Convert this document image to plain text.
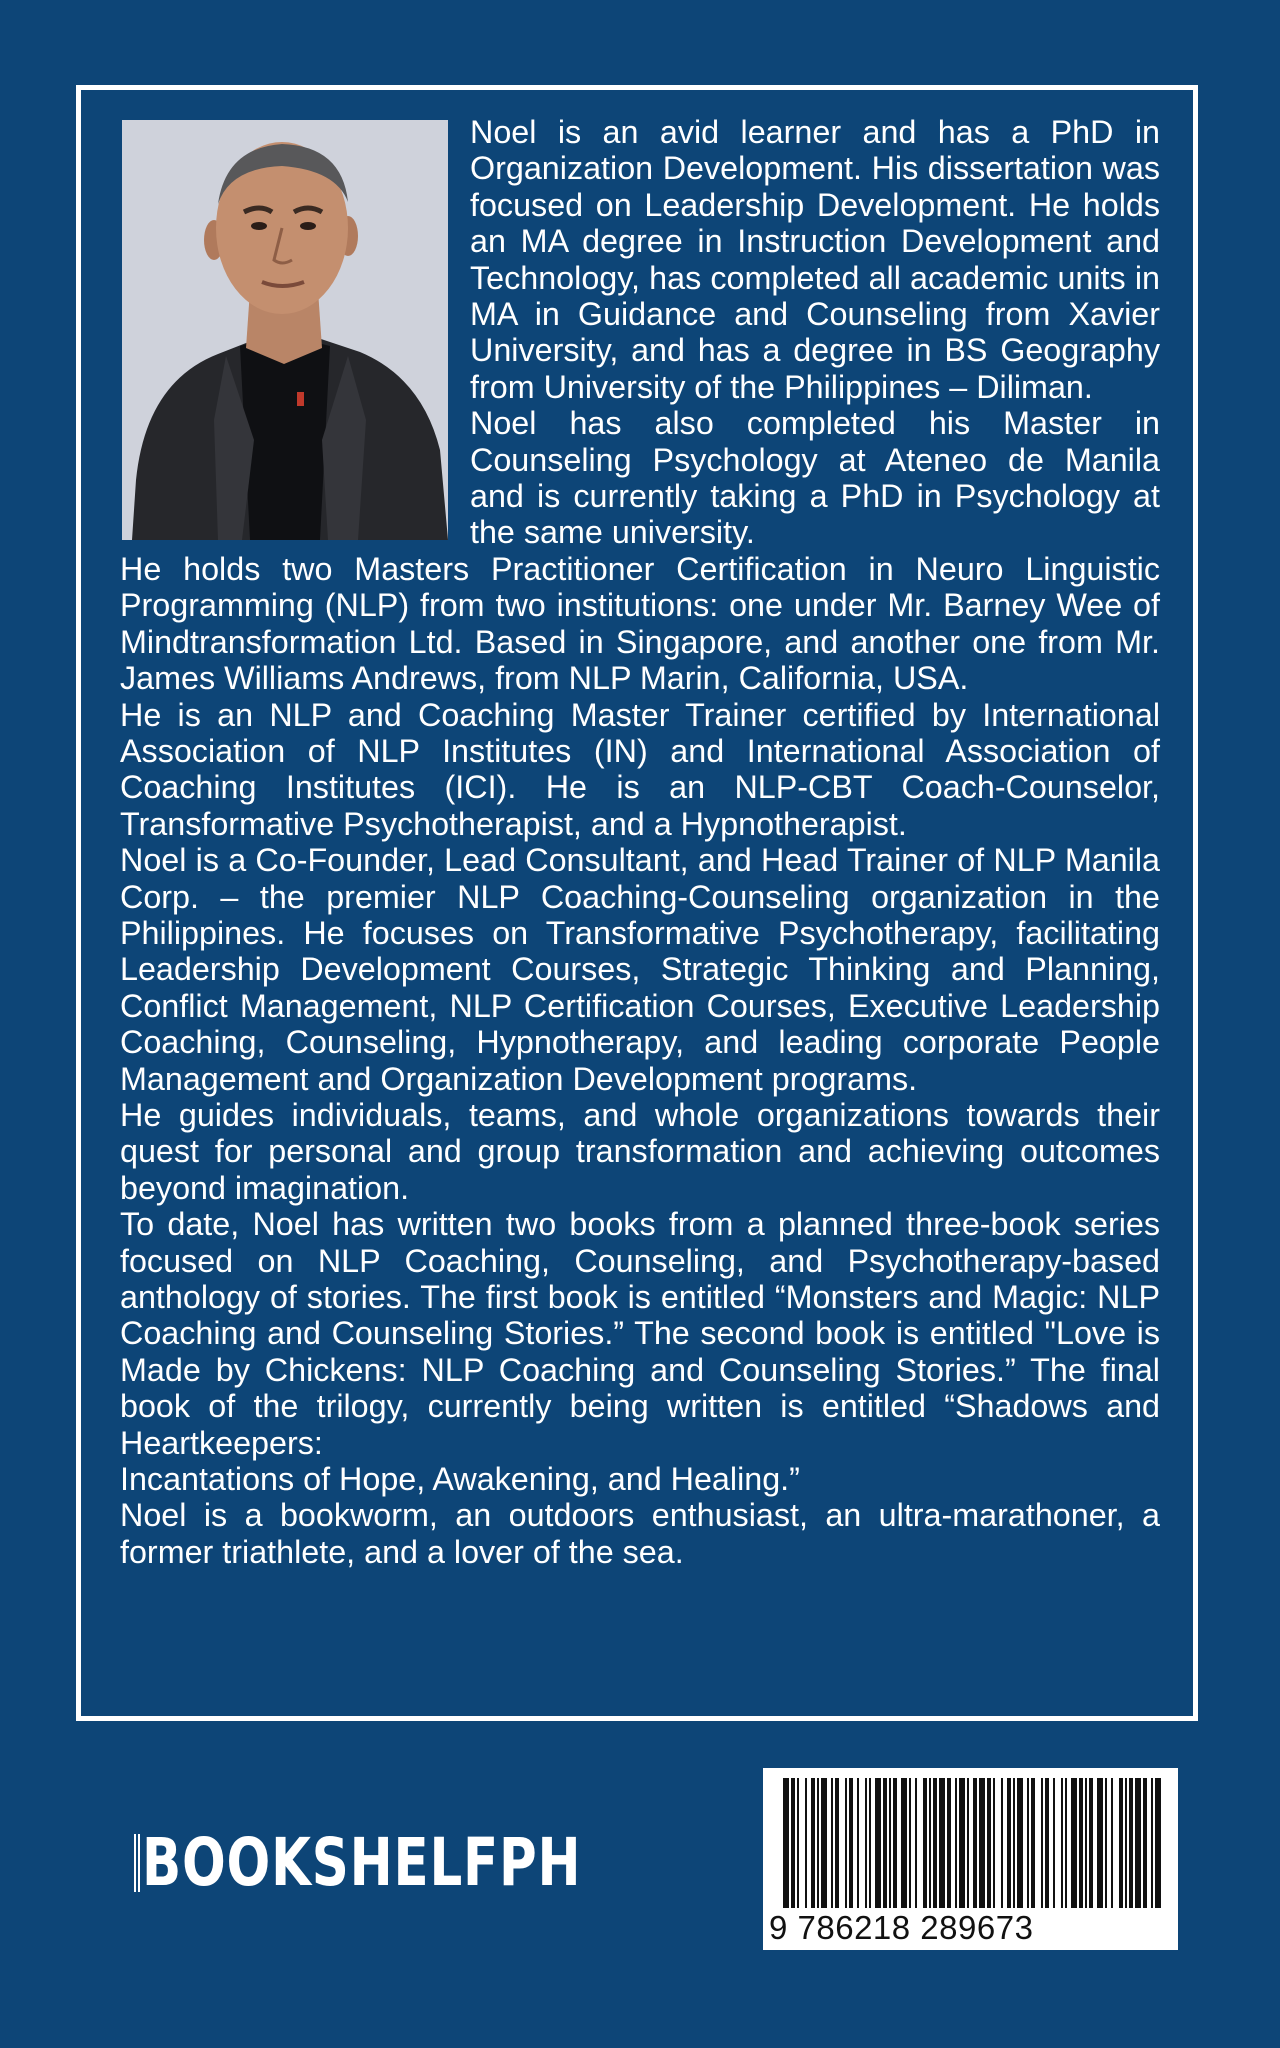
Noel is an avid learner and has a PhD in Organization Development. His dissertation was focused on Leadership Development. He holds an MA degree in Instruction Development and Technology, has completed all academic units in MA in Guidance and Counseling from Xavier University, and has a degree in BS Geography from University of the Philippines – Diliman.

Noel has also completed his Master in Counseling Psychology at Ateneo de Manila and is currently taking a PhD in Psychology at the same university.

He holds two Masters Practitioner Certification in Neuro Linguistic Programming (NLP) from two institutions: one under Mr. Barney Wee of Mindtransformation Ltd. Based in Singapore, and another one from Mr. James Williams Andrews, from NLP Marin, California, USA.

He is an NLP and Coaching Master Trainer certified by International Association of NLP Institutes (IN) and International Association of Coaching Institutes (ICI). He is an NLP-CBT Coach-Counselor, Transformative Psychotherapist, and a Hypnotherapist.

Noel is a Co-Founder, Lead Consultant, and Head Trainer of NLP Manila Corp. – the premier NLP Coaching-Counseling organization in the Philippines. He focuses on Transformative Psychotherapy, facilitating Leadership Development Courses, Strategic Thinking and Planning, Conflict Management, NLP Certification Courses, Executive Leadership Coaching, Counseling, Hypnotherapy, and leading corporate People Management and Organization Development programs.

He guides individuals, teams, and whole organizations towards their quest for personal and group transformation and achieving outcomes beyond imagination.

To date, Noel has written two books from a planned three-book series focused on NLP Coaching, Counseling, and Psychotherapy-based anthology of stories. The first book is entitled “Monsters and Magic: NLP Coaching and Counseling Stories.” The second book is entitled "Love is Made by Chickens: NLP Coaching and Counseling Stories.” The final book of the trilogy, currently being written is entitled “Shadows and Heartkeepers:

Incantations of Hope, Awakening, and Healing.”

Noel is a bookworm, an outdoors enthusiast, an ultra-marathoner, a former triathlete, and a lover of the sea.

BOOKSHELFPH
9 786218 289673
